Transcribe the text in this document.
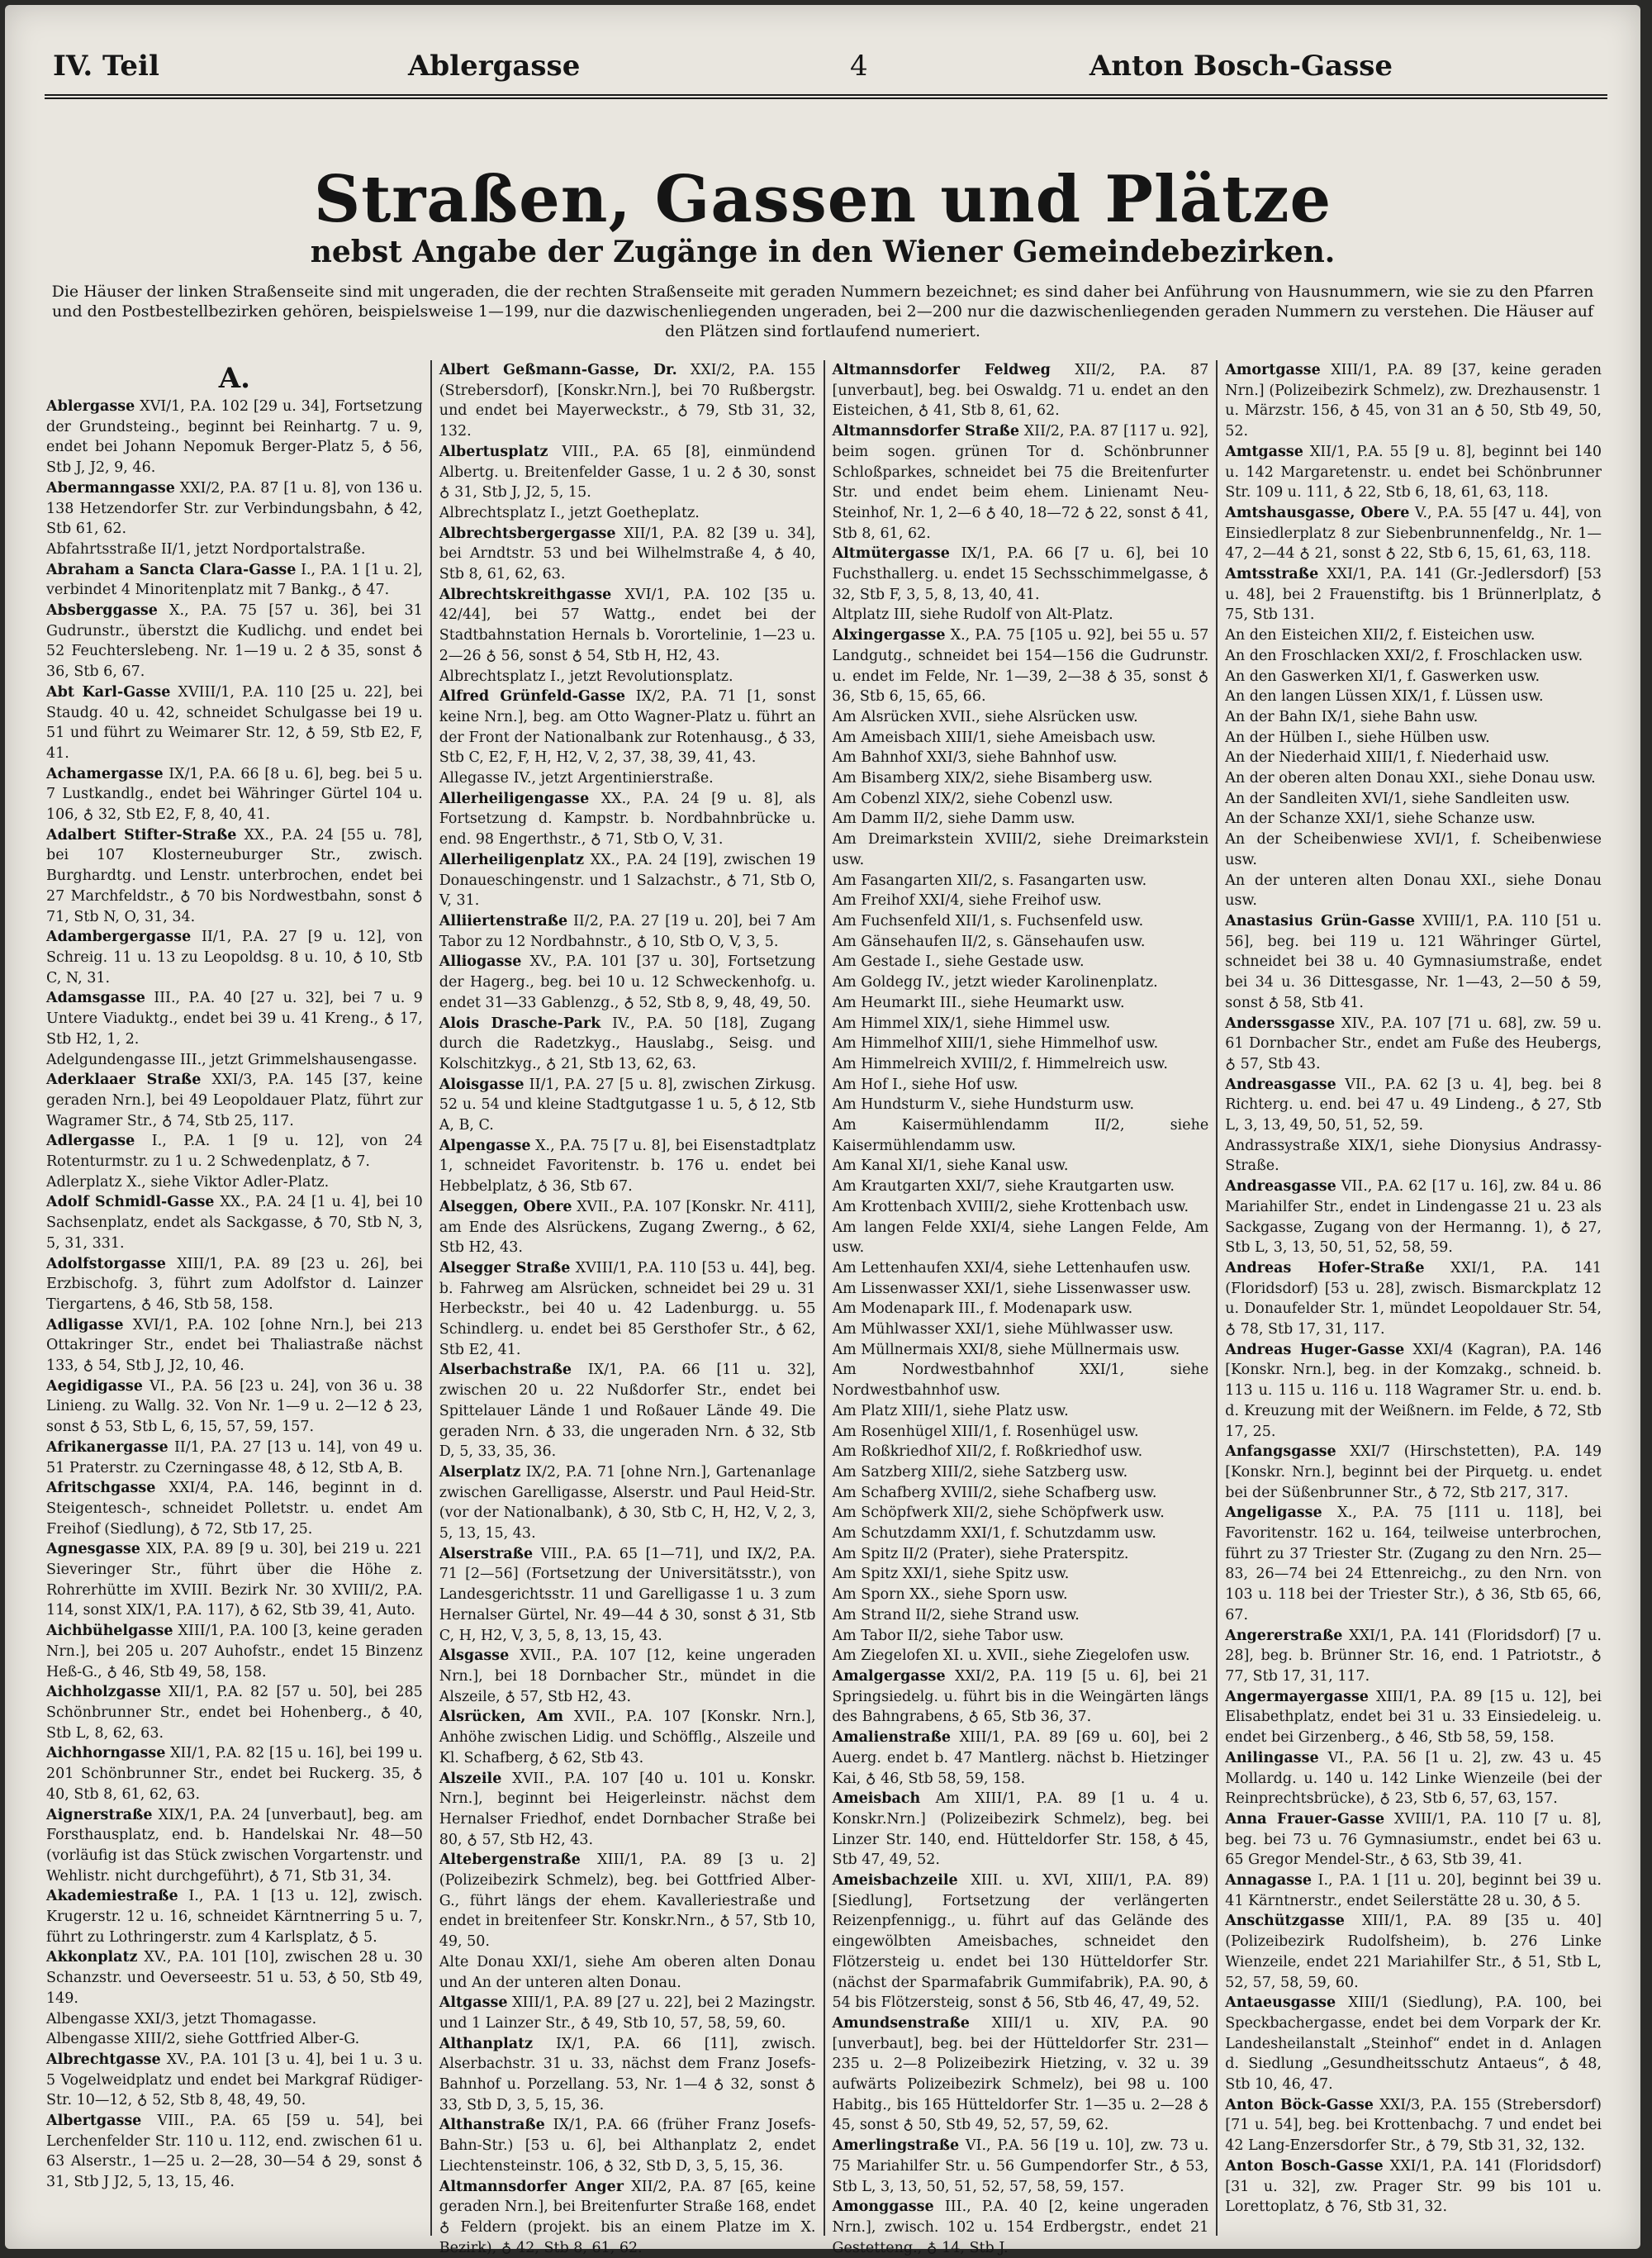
IV. Teil	Ablergasse	4	Anton Bosch-Gasse
Straßen, Gassen und Plätze
nebst Angabe der Zugänge in den Wiener Gemeindebezirken.
Die Häuser der linken Straßenseite sind mit ungeraden, die der rechten Straßenseite mit geraden Nummern bezeichnet; es sind daher bei Anführung von Hausnummern, wie sie zu den Pfarren und den Postbestellbezirken gehören, beispielsweise 1—199, nur die dazwischenliegenden ungeraden, bei 2—200 nur die dazwischenliegenden geraden Nummern zu verstehen. Die Häuser auf den Plätzen sind fortlaufend numeriert.
A.

Ablergasse XVI/1, P.A. 102 [29 u. 34], Fortsetzung der Grundsteing., beginnt bei Reinhartg. 7 u. 9, endet bei Johann Nepomuk Berger-Platz 5, ♁ 56, Stb J, J2, 9, 46.

Abermanngasse XXI/2, P.A. 87 [1 u. 8], von 136 u. 138 Hetzendorfer Str. zur Verbindungsbahn, ♁ 42, Stb 61, 62.

Abfahrtsstraße II/1, jetzt Nordportalstraße.

Abraham a Sancta Clara-Gasse I., P.A. 1 [1 u. 2], verbindet 4 Minoritenplatz mit 7 Bankg., ♁ 47.

Absberggasse X., P.A. 75 [57 u. 36], bei 31 Gudrunstr., überstzt die Kudlichg. und endet bei 52 Feuchterslebeng. Nr. 1—19 u. 2 ♁ 35, sonst ♁ 36, Stb 6, 67.

Abt Karl-Gasse XVIII/1, P.A. 110 [25 u. 22], bei Staudg. 40 u. 42, schneidet Schulgasse bei 19 u. 51 und führt zu Weimarer Str. 12, ♁ 59, Stb E2, F, 41.

Achamergasse IX/1, P.A. 66 [8 u. 6], beg. bei 5 u. 7 Lustkandlg., endet bei Währinger Gürtel 104 u. 106, ♁ 32, Stb E2, F, 8, 40, 41.

Adalbert Stifter-Straße XX., P.A. 24 [55 u. 78], bei 107 Klosterneuburger Str., zwisch. Burghardtg. und Lenstr. unterbrochen, endet bei 27 Marchfeldstr., ♁ 70 bis Nordwestbahn, sonst ♁ 71, Stb N, O, 31, 34.

Adambergergasse II/1, P.A. 27 [9 u. 12], von Schreig. 11 u. 13 zu Leopoldsg. 8 u. 10, ♁ 10, Stb C, N, 31.

Adamsgasse III., P.A. 40 [27 u. 32], bei 7 u. 9 Untere Viaduktg., endet bei 39 u. 41 Kreng., ♁ 17, Stb H2, 1, 2.

Adelgundengasse III., jetzt Grimmelshausengasse.

Aderklaaer Straße XXI/3, P.A. 145 [37, keine geraden Nrn.], bei 49 Leopoldauer Platz, führt zur Wagramer Str., ♁ 74, Stb 25, 117.

Adlergasse I., P.A. 1 [9 u. 12], von 24 Rotenturmstr. zu 1 u. 2 Schwedenplatz, ♁ 7.

Adlerplatz X., siehe Viktor Adler-Platz.

Adolf Schmidl-Gasse XX., P.A. 24 [1 u. 4], bei 10 Sachsenplatz, endet als Sackgasse, ♁ 70, Stb N, 3, 5, 31, 331.

Adolfstorgasse XIII/1, P.A. 89 [23 u. 26], bei Erzbischofg. 3, führt zum Adolfstor d. Lainzer Tiergartens, ♁ 46, Stb 58, 158.

Adligasse XVI/1, P.A. 102 [ohne Nrn.], bei 213 Ottakringer Str., endet bei Thaliastraße nächst 133, ♁ 54, Stb J, J2, 10, 46.

Aegidigasse VI., P.A. 56 [23 u. 24], von 36 u. 38 Linieng. zu Wallg. 32. Von Nr. 1—9 u. 2—12 ♁ 23, sonst ♁ 53, Stb L, 6, 15, 57, 59, 157.

Afrikanergasse II/1, P.A. 27 [13 u. 14], von 49 u. 51 Praterstr. zu Czerningasse 48, ♁ 12, Stb A, B.

Afritschgasse XXI/4, P.A. 146, beginnt in d. Steigentesch-, schneidet Polletstr. u. endet Am Freihof (Siedlung), ♁ 72, Stb 17, 25.

Agnesgasse XIX, P.A. 89 [9 u. 30], bei 219 u. 221 Sieveringer Str., führt über die Höhe z. Rohrerhütte im XVIII. Bezirk Nr. 30 XVIII/2, P.A. 114, sonst XIX/1, P.A. 117), ♁ 62, Stb 39, 41, Auto.

Aichbühelgasse XIII/1, P.A. 100 [3, keine geraden Nrn.], bei 205 u. 207 Auhofstr., endet 15 Binzenz Heß-G., ♁ 46, Stb 49, 58, 158.

Aichholzgasse XII/1, P.A. 82 [57 u. 50], bei 285 Schönbrunner Str., endet bei Hohenberg., ♁ 40, Stb L, 8, 62, 63.

Aichhorngasse XII/1, P.A. 82 [15 u. 16], bei 199 u. 201 Schönbrunner Str., endet bei Ruckerg. 35, ♁ 40, Stb 8, 61, 62, 63.

Aignerstraße XIX/1, P.A. 24 [unverbaut], beg. am Forsthausplatz, end. b. Handelskai Nr. 48—50 (vorläufig ist das Stück zwischen Vorgartenstr. und Wehlistr. nicht durchgeführt), ♁ 71, Stb 31, 34.

Akademiestraße I., P.A. 1 [13 u. 12], zwisch. Krugerstr. 12 u. 16, schneidet Kärntnerring 5 u. 7, führt zu Lothringerstr. zum 4 Karlsplatz, ♁ 5.

Akkonplatz XV., P.A. 101 [10], zwischen 28 u. 30 Schanzstr. und Oeverseestr. 51 u. 53, ♁ 50, Stb 49, 149.

Albengasse XXI/3, jetzt Thomagasse.

Albengasse XIII/2, siehe Gottfried Alber-G.

Albrechtgasse XV., P.A. 101 [3 u. 4], bei 1 u. 3 u. 5 Vogelweidplatz und endet bei Markgraf Rüdiger-Str. 10—12, ♁ 52, Stb 8, 48, 49, 50.

Albertgasse VIII., P.A. 65 [59 u. 54], bei Lerchenfelder Str. 110 u. 112, end. zwischen 61 u. 63 Alserstr., 1—25 u. 2—28, 30—54 ♁ 29, sonst ♁ 31, Stb J J2, 5, 13, 15, 46.

Albert Geßmann-Gasse, Dr. XXI/2, P.A. 155 (Strebersdorf), [Konskr.Nrn.], bei 70 Rußbergstr. und endet bei Mayerweckstr., ♁ 79, Stb 31, 32, 132.

Albertusplatz VIII., P.A. 65 [8], einmündend Albertg. u. Breitenfelder Gasse, 1 u. 2 ♁ 30, sonst ♁ 31, Stb J, J2, 5, 15.

Albrechtsplatz I., jetzt Goetheplatz.

Albrechtsbergergasse XII/1, P.A. 82 [39 u. 34], bei Arndtstr. 53 und bei Wilhelmstraße 4, ♁ 40, Stb 8, 61, 62, 63.

Albrechtskreithgasse XVI/1, P.A. 102 [35 u. 42/44], bei 57 Wattg., endet bei der Stadtbahnstation Hernals b. Vorortelinie, 1—23 u. 2—26 ♁ 56, sonst ♁ 54, Stb H, H2, 43.

Albrechtsplatz I., jetzt Revolutionsplatz.

Alfred Grünfeld-Gasse IX/2, P.A. 71 [1, sonst keine Nrn.], beg. am Otto Wagner-Platz u. führt an der Front der Nationalbank zur Rotenhausg., ♁ 33, Stb C, E2, F, H, H2, V, 2, 37, 38, 39, 41, 43.

Allegasse IV., jetzt Argentinierstraße.

Allerheiligengasse XX., P.A. 24 [9 u. 8], als Fortsetzung d. Kampstr. b. Nordbahnbrücke u. end. 98 Engerthstr., ♁ 71, Stb O, V, 31.

Allerheiligenplatz XX., P.A. 24 [19], zwischen 19 Donaueschingenstr. und 1 Salzachstr., ♁ 71, Stb O, V, 31.

Alliiertenstraße II/2, P.A. 27 [19 u. 20], bei 7 Am Tabor zu 12 Nordbahnstr., ♁ 10, Stb O, V, 3, 5.

Alliogasse XV., P.A. 101 [37 u. 30], Fortsetzung der Hagerg., beg. bei 10 u. 12 Schweckenhofg. u. endet 31—33 Gablenzg., ♁ 52, Stb 8, 9, 48, 49, 50.

Alois Drasche-Park IV., P.A. 50 [18], Zugang durch die Radetzkyg., Hauslabg., Seisg. und Kolschitzkyg., ♁ 21, Stb 13, 62, 63.

Aloisgasse II/1, P.A. 27 [5 u. 8], zwischen Zirkusg. 52 u. 54 und kleine Stadtgutgasse 1 u. 5, ♁ 12, Stb A, B, C.

Alpengasse X., P.A. 75 [7 u. 8], bei Eisenstadtplatz 1, schneidet Favoritenstr. b. 176 u. endet bei Hebbelplatz, ♁ 36, Stb 67.

Alseggen, Obere XVII., P.A. 107 [Konskr. Nr. 411], am Ende des Alsrückens, Zugang Zwerng., ♁ 62, Stb H2, 43.

Alsegger Straße XVIII/1, P.A. 110 [53 u. 44], beg. b. Fahrweg am Alsrücken, schneidet bei 29 u. 31 Herbeckstr., bei 40 u. 42 Ladenburgg. u. 55 Schindlerg. u. endet bei 85 Gersthofer Str., ♁ 62, Stb E2, 41.

Alserbachstraße IX/1, P.A. 66 [11 u. 32], zwischen 20 u. 22 Nußdorfer Str., endet bei Spittelauer Lände 1 und Roßauer Lände 49. Die geraden Nrn. ♁ 33, die ungeraden Nrn. ♁ 32, Stb D, 5, 33, 35, 36.

Alserplatz IX/2, P.A. 71 [ohne Nrn.], Gartenanlage zwischen Garelligasse, Alserstr. und Paul Heid-Str. (vor der Nationalbank), ♁ 30, Stb C, H, H2, V, 2, 3, 5, 13, 15, 43.

Alserstraße VIII., P.A. 65 [1—71], und IX/2, P.A. 71 [2—56] (Fortsetzung der Universitätsstr.), von Landesgerichtsstr. 11 und Garelligasse 1 u. 3 zum Hernalser Gürtel, Nr. 49—44 ♁ 30, sonst ♁ 31, Stb C, H, H2, V, 3, 5, 8, 13, 15, 43.

Alsgasse XVII., P.A. 107 [12, keine ungeraden Nrn.], bei 18 Dornbacher Str., mündet in die Alszeile, ♁ 57, Stb H2, 43.

Alsrücken, Am XVII., P.A. 107 [Konskr. Nrn.], Anhöhe zwischen Lidig. und Schöfflg., Alszeile und Kl. Schafberg, ♁ 62, Stb 43.

Alszeile XVII., P.A. 107 [40 u. 101 u. Konskr. Nrn.], beginnt bei Heigerleinstr. nächst dem Hernalser Friedhof, endet Dornbacher Straße bei 80, ♁ 57, Stb H2, 43.

Altebergenstraße XIII/1, P.A. 89 [3 u. 2] (Polizeibezirk Schmelz), beg. bei Gottfried Alber-G., führt längs der ehem. Kavalleriestraße und endet in breitenfeer Str. Konskr.Nrn., ♁ 57, Stb 10, 49, 50.

Alte Donau XXI/1, siehe Am oberen alten Donau und An der unteren alten Donau.

Altgasse XIII/1, P.A. 89 [27 u. 22], bei 2 Mazingstr. und 1 Lainzer Str., ♁ 49, Stb 10, 57, 58, 59, 60.

Althanplatz IX/1, P.A. 66 [11], zwisch. Alserbachstr. 31 u. 33, nächst dem Franz Josefs-Bahnhof u. Porzellang. 53, Nr. 1—4 ♁ 32, sonst ♁ 33, Stb D, 3, 5, 15, 36.

Althanstraße IX/1, P.A. 66 (früher Franz Josefs-Bahn-Str.) [53 u. 6], bei Althanplatz 2, endet Liechtensteinstr. 106, ♁ 32, Stb D, 3, 5, 15, 36.

Altmannsdorfer Anger XII/2, P.A. 87 [65, keine geraden Nrn.], bei Breitenfurter Straße 168, endet ♁ Feldern (projekt. bis an einem Platze im X. Bezirk), ♁ 42, Stb 8, 61, 62.

Altmannsdorfer Feldweg XII/2, P.A. 87 [unverbaut], beg. bei Oswaldg. 71 u. endet an den Eisteichen, ♁ 41, Stb 8, 61, 62.

Altmannsdorfer Straße XII/2, P.A. 87 [117 u. 92], beim sogen. grünen Tor d. Schönbrunner Schloßparkes, schneidet bei 75 die Breitenfurter Str. und endet beim ehem. Linienamt Neu-Steinhof, Nr. 1, 2—6 ♁ 40, 18—72 ♁ 22, sonst ♁ 41, Stb 8, 61, 62.

Altmütergasse IX/1, P.A. 66 [7 u. 6], bei 10 Fuchsthallerg. u. endet 15 Sechsschimmelgasse, ♁ 32, Stb F, 3, 5, 8, 13, 40, 41.

Altplatz III, siehe Rudolf von Alt-Platz.

Alxingergasse X., P.A. 75 [105 u. 92], bei 55 u. 57 Landgutg., schneidet bei 154—156 die Gudrunstr. u. endet im Felde, Nr. 1—39, 2—38 ♁ 35, sonst ♁ 36, Stb 6, 15, 65, 66.

Am Alsrücken XVII., siehe Alsrücken usw.

Am Ameisbach XIII/1, siehe Ameisbach usw.

Am Bahnhof XXI/3, siehe Bahnhof usw.

Am Bisamberg XIX/2, siehe Bisamberg usw.

Am Cobenzl XIX/2, siehe Cobenzl usw.

Am Damm II/2, siehe Damm usw.

Am Dreimarkstein XVIII/2, siehe Dreimarkstein usw.

Am Fasangarten XII/2, s. Fasangarten usw.

Am Freihof XXI/4, siehe Freihof usw.

Am Fuchsenfeld XII/1, s. Fuchsenfeld usw.

Am Gänsehaufen II/2, s. Gänsehaufen usw.

Am Gestade I., siehe Gestade usw.

Am Goldegg IV., jetzt wieder Karolinenplatz.

Am Heumarkt III., siehe Heumarkt usw.

Am Himmel XIX/1, siehe Himmel usw.

Am Himmelhof XIII/1, siehe Himmelhof usw.

Am Himmelreich XVIII/2, f. Himmelreich usw.

Am Hof I., siehe Hof usw.

Am Hundsturm V., siehe Hundsturm usw.

Am Kaisermühlendamm II/2, siehe Kaisermühlendamm usw.

Am Kanal XI/1, siehe Kanal usw.

Am Krautgarten XXI/7, siehe Krautgarten usw.

Am Krottenbach XVIII/2, siehe Krottenbach usw.

Am langen Felde XXI/4, siehe Langen Felde, Am usw.

Am Lettenhaufen XXI/4, siehe Lettenhaufen usw.

Am Lissenwasser XXI/1, siehe Lissenwasser usw.

Am Modenapark III., f. Modenapark usw.

Am Mühlwasser XXI/1, siehe Mühlwasser usw.

Am Müllnermais XXI/8, siehe Müllnermais usw.

Am Nordwestbahnhof XXI/1, siehe Nordwestbahnhof usw.

Am Platz XIII/1, siehe Platz usw.

Am Rosenhügel XIII/1, f. Rosenhügel usw.

Am Roßkriedhof XII/2, f. Roßkriedhof usw.

Am Satzberg XIII/2, siehe Satzberg usw.

Am Schafberg XVIII/2, siehe Schafberg usw.

Am Schöpfwerk XII/2, siehe Schöpfwerk usw.

Am Schutzdamm XXI/1, f. Schutzdamm usw.

Am Spitz II/2 (Prater), siehe Praterspitz.

Am Spitz XXI/1, siehe Spitz usw.

Am Sporn XX., siehe Sporn usw.

Am Strand II/2, siehe Strand usw.

Am Tabor II/2, siehe Tabor usw.

Am Ziegelofen XI. u. XVII., siehe Ziegelofen usw.

Amalgergasse XXI/2, P.A. 119 [5 u. 6], bei 21 Springsiedelg. u. führt bis in die Weingärten längs des Bahngrabens, ♁ 65, Stb 36, 37.

Amalienstraße XIII/1, P.A. 89 [69 u. 60], bei 2 Auerg. endet b. 47 Mantlerg. nächst b. Hietzinger Kai, ♁ 46, Stb 58, 59, 158.

Ameisbach Am XIII/1, P.A. 89 [1 u. 4 u. Konskr.Nrn.] (Polizeibezirk Schmelz), beg. bei Linzer Str. 140, end. Hütteldorfer Str. 158, ♁ 45, Stb 47, 49, 52.

Ameisbachzeile XIII. u. XVI, XIII/1, P.A. 89) [Siedlung], Fortsetzung der verlängerten Reizenpfennigg., u. führt auf das Gelände des eingewölbten Ameisbaches, schneidet den Flötzersteig u. endet bei 130 Hütteldorfer Str. (nächst der Sparmafabrik Gummifabrik), P.A. 90, ♁ 54 bis Flötzersteig, sonst ♁ 56, Stb 46, 47, 49, 52.

Amundsenstraße XIII/1 u. XIV, P.A. 90 [unverbaut], beg. bei der Hütteldorfer Str. 231—235 u. 2—8 Polizeibezirk Hietzing, v. 32 u. 39 aufwärts Polizeibezirk Schmelz), bei 98 u. 100 Habitg., bis 165 Hütteldorfer Str. 1—35 u. 2—28 ♁ 45, sonst ♁ 50, Stb 49, 52, 57, 59, 62.

Amerlingstraße VI., P.A. 56 [19 u. 10], zw. 73 u. 75 Mariahilfer Str. u. 56 Gumpendorfer Str., ♁ 53, Stb L, 3, 13, 50, 51, 52, 57, 58, 59, 157.

Amonggasse III., P.A. 40 [2, keine ungeraden Nrn.], zwisch. 102 u. 154 Erdbergstr., endet 21 Gestetteng., ♁ 14, Stb J.

Amortgasse XIII/1, P.A. 89 [37, keine geraden Nrn.] (Polizeibezirk Schmelz), zw. Drezhausenstr. 1 u. Märzstr. 156, ♁ 45, von 31 an ♁ 50, Stb 49, 50, 52.

Amtgasse XII/1, P.A. 55 [9 u. 8], beginnt bei 140 u. 142 Margaretenstr. u. endet bei Schönbrunner Str. 109 u. 111, ♁ 22, Stb 6, 18, 61, 63, 118.

Amtshausgasse, Obere V., P.A. 55 [47 u. 44], von Einsiedlerplatz 8 zur Siebenbrunnenfeldg., Nr. 1—47, 2—44 ♁ 21, sonst ♁ 22, Stb 6, 15, 61, 63, 118.

Amtsstraße XXI/1, P.A. 141 (Gr.-Jedlersdorf) [53 u. 48], bei 2 Frauenstiftg. bis 1 Brünnerlplatz, ♁ 75, Stb 131.

An den Eisteichen XII/2, f. Eisteichen usw.

An den Froschlacken XXI/2, f. Froschlacken usw.

An den Gaswerken XI/1, f. Gaswerken usw.

An den langen Lüssen XIX/1, f. Lüssen usw.

An der Bahn IX/1, siehe Bahn usw.

An der Hülben I., siehe Hülben usw.

An der Niederhaid XIII/1, f. Niederhaid usw.

An der oberen alten Donau XXI., siehe Donau usw.

An der Sandleiten XVI/1, siehe Sandleiten usw.

An der Schanze XXI/1, siehe Schanze usw.

An der Scheibenwiese XVI/1, f. Scheibenwiese usw.

An der unteren alten Donau XXI., siehe Donau usw.

Anastasius Grün-Gasse XVIII/1, P.A. 110 [51 u. 56], beg. bei 119 u. 121 Währinger Gürtel, schneidet bei 38 u. 40 Gymnasiumstraße, endet bei 34 u. 36 Dittesgasse, Nr. 1—43, 2—50 ♁ 59, sonst ♁ 58, Stb 41.

Anderssgasse XIV., P.A. 107 [71 u. 68], zw. 59 u. 61 Dornbacher Str., endet am Fuße des Heubergs, ♁ 57, Stb 43.

Andreasgasse VII., P.A. 62 [3 u. 4], beg. bei 8 Richterg. u. end. bei 47 u. 49 Lindeng., ♁ 27, Stb L, 3, 13, 49, 50, 51, 52, 59.

Andrassystraße XIX/1, siehe Dionysius Andrassy-Straße.

Andreasgasse VII., P.A. 62 [17 u. 16], zw. 84 u. 86 Mariahilfer Str., endet in Lindengasse 21 u. 23 als Sackgasse, Zugang von der Hermanng. 1), ♁ 27, Stb L, 3, 13, 50, 51, 52, 58, 59.

Andreas Hofer-Straße XXI/1, P.A. 141 (Floridsdorf) [53 u. 28], zwisch. Bismarckplatz 12 u. Donaufelder Str. 1, mündet Leopoldauer Str. 54, ♁ 78, Stb 17, 31, 117.

Andreas Huger-Gasse XXI/4 (Kagran), P.A. 146 [Konskr. Nrn.], beg. in der Komzakg., schneid. b. 113 u. 115 u. 116 u. 118 Wagramer Str. u. end. b. d. Kreuzung mit der Weißnern. im Felde, ♁ 72, Stb 17, 25.

Anfangsgasse XXI/7 (Hirschstetten), P.A. 149 [Konskr. Nrn.], beginnt bei der Pirquetg. u. endet bei der Süßenbrunner Str., ♁ 72, Stb 217, 317.

Angeligasse X., P.A. 75 [111 u. 118], bei Favoritenstr. 162 u. 164, teilweise unterbrochen, führt zu 37 Triester Str. (Zugang zu den Nrn. 25—83, 26—74 bei 24 Ettenreichg., zu den Nrn. von 103 u. 118 bei der Triester Str.), ♁ 36, Stb 65, 66, 67.

Angererstraße XXI/1, P.A. 141 (Floridsdorf) [7 u. 28], beg. b. Brünner Str. 16, end. 1 Patriotstr., ♁ 77, Stb 17, 31, 117.

Angermayergasse XIII/1, P.A. 89 [15 u. 12], bei Elisabethplatz, endet bei 31 u. 33 Einsiedeleig. u. endet bei Girzenberg., ♁ 46, Stb 58, 59, 158.

Anilingasse VI., P.A. 56 [1 u. 2], zw. 43 u. 45 Mollardg. u. 140 u. 142 Linke Wienzeile (bei der Reinprechtsbrücke), ♁ 23, Stb 6, 57, 63, 157.

Anna Frauer-Gasse XVIII/1, P.A. 110 [7 u. 8], beg. bei 73 u. 76 Gymnasiumstr., endet bei 63 u. 65 Gregor Mendel-Str., ♁ 63, Stb 39, 41.

Annagasse I., P.A. 1 [11 u. 20], beginnt bei 39 u. 41 Kärntnerstr., endet Seilerstätte 28 u. 30, ♁ 5.

Anschützgasse XIII/1, P.A. 89 [35 u. 40] (Polizeibezirk Rudolfsheim), b. 276 Linke Wienzeile, endet 221 Mariahilfer Str., ♁ 51, Stb L, 52, 57, 58, 59, 60.

Antaeusgasse XIII/1 (Siedlung), P.A. 100, bei Speckbachergasse, endet bei dem Vorpark der Kr. Landesheilanstalt „Steinhof“ endet in d. Anlagen d. Siedlung „Gesundheitsschutz Antaeus“, ♁ 48, Stb 10, 46, 47.

Anton Böck-Gasse XXI/3, P.A. 155 (Strebersdorf) [71 u. 54], beg. bei Krottenbachg. 7 und endet bei 42 Lang-Enzersdorfer Str., ♁ 79, Stb 31, 32, 132.

Anton Bosch-Gasse XXI/1, P.A. 141 (Floridsdorf) [31 u. 32], zw. Prager Str. 99 bis 101 u. Lorettoplatz, ♁ 76, Stb 31, 32.
